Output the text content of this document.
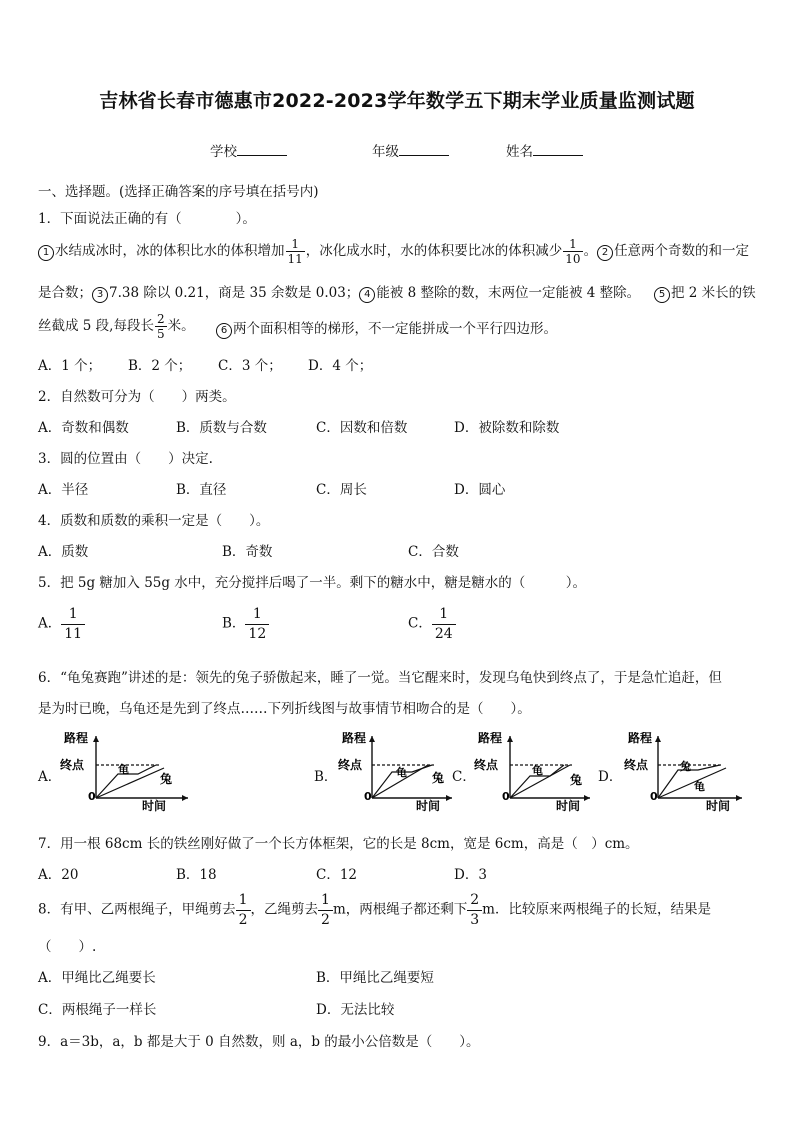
吉林省长春市德惠市2022-2023学年数学五下期末学业质量监测试题
学校	年级	姓名
一、选择题。(选择正确答案的序号填在括号内)
1．下面说法正确的有（　　　　）。
1 水结成冰时，冰的体积比水的体积增加 $\frac{1}{11}$ ，冰化成水时，水的体积要比冰的体积减少 $\frac{1}{10}$ 。 2 任意两个奇数的和一定
是合数； 3 7.38 除以 0.21，商是 35 余数是 0.03； 4 能被 8 整除的数，末两位一定能被 4 整除。	5 把 2 米长的铁
丝截成 5 段,每段长 $\frac{2}{5}$ 米。	6 两个面积相等的梯形，不一定能拼成一个平行四边形。
A．1 个； B．2 个； C．3 个； D．4 个；
2．自然数可分为（　　）两类。
A．奇数和偶数	B．质数与合数	C．因数和倍数	D．被除数和除数
3．圆的位置由（　　）决定.
A．半径	B．直径	C．周长	D．圆心
4．质数和质数的乘积一定是（　　）。
A．质数	B．奇数	C．合数
5．把 5g 糖加入 55g 水中，充分搅拌后喝了一半。剩下的糖水中，糖是糖水的（　　　）。
A． $\frac{1}{11}$	B． $\frac{1}{12}$	C． $\frac{1}{24}$
6．“龟兔赛跑”讲述的是：领先的兔子骄傲起来，睡了一觉。当它醒来时，发现乌龟快到终点了，于是急忙追赶，但
是为时已晚，乌龟还是先到了终点……下列折线图与故事情节相吻合的是（　　）。
A．	B．	C．	D．
路程
终点
0
时间
龟
兔
路程
终点
0
时间
龟 兔
路程
终点
0
时间
龟
兔
路程
终点
0
时间
兔
龟
7．用一根 68cm 长的铁丝刚好做了一个长方体框架，它的长是 8cm，宽是 6cm，高是（　）cm。
A．20	B．18	C．12	D．3
8．有甲、乙两根绳子，甲绳剪去 $\frac{1}{2}$ ，乙绳剪去 $\frac{1}{2}$ m，两根绳子都还剩下 $\frac{2}{3}$ m．比较原来两根绳子的长短，结果是
（　　）.
A．甲绳比乙绳要长	B．甲绳比乙绳要短
C．两根绳子一样长	D．无法比较
9．a＝3b，a，b 都是大于 0 自然数，则 a，b 的最小公倍数是（　　）。
